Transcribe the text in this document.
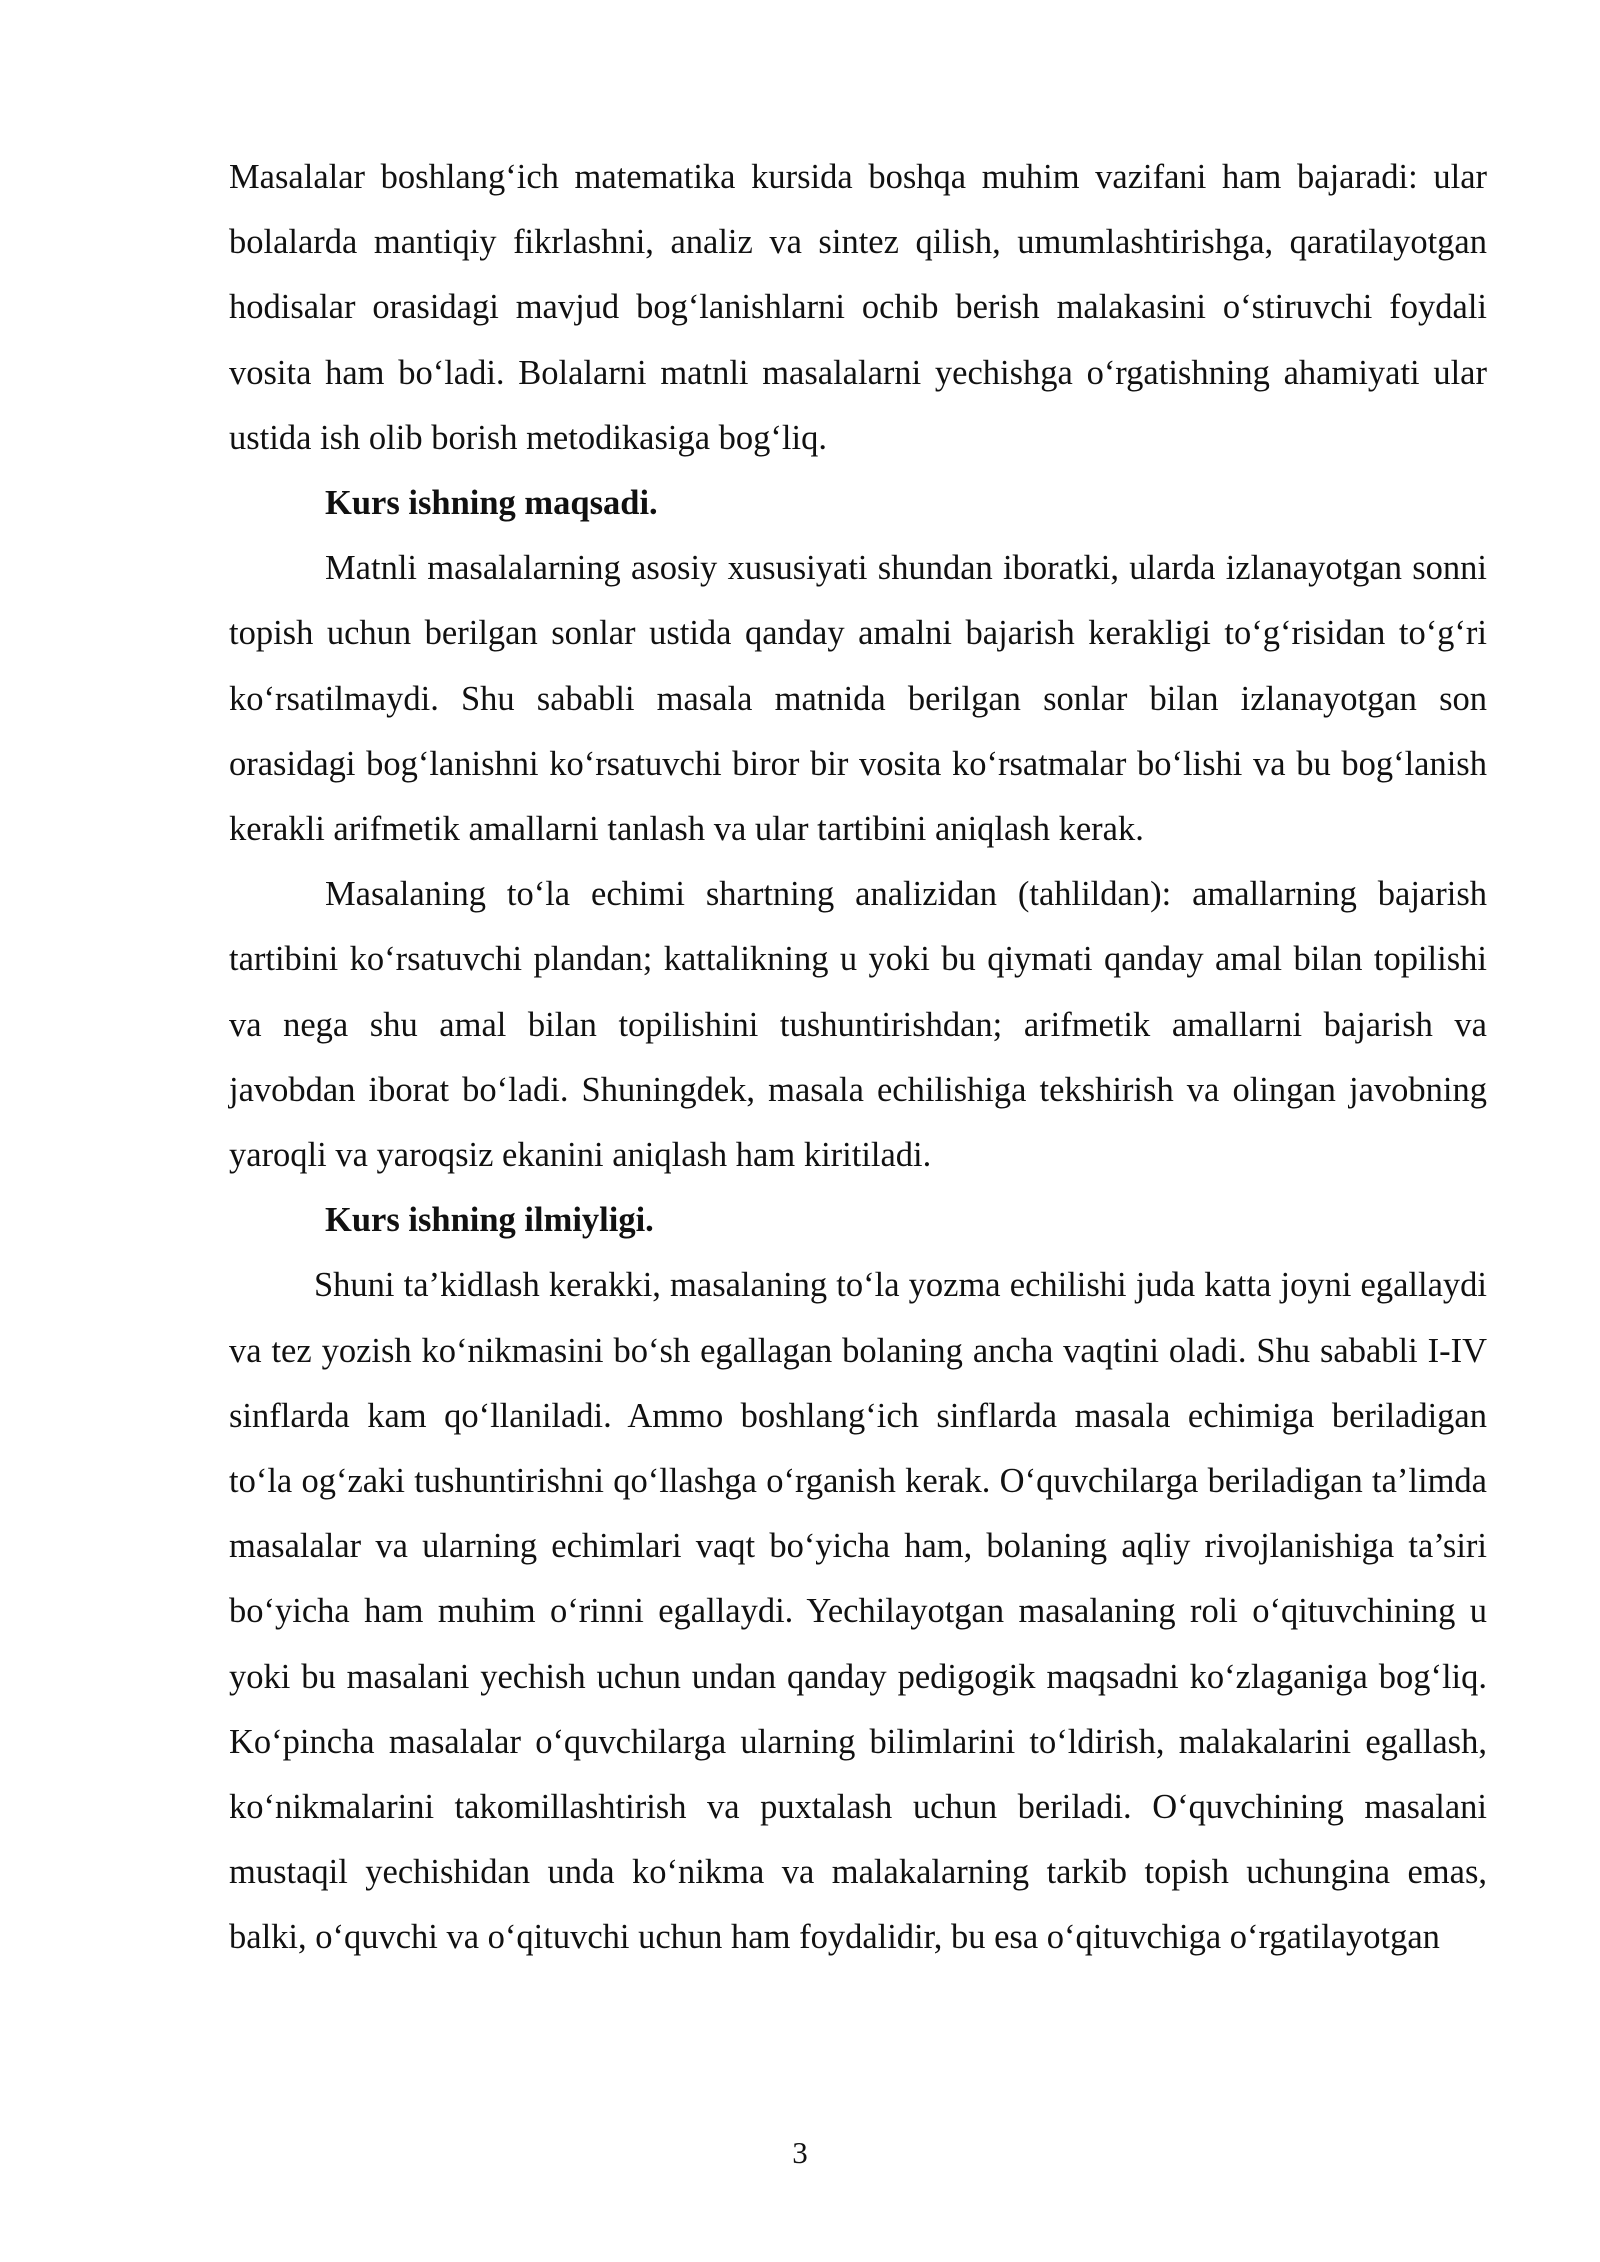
Masalalar boshlang‘ich matematika kursida boshqa muhim vazifani ham bajaradi: ular bolalarda mantiqiy fikrlashni, analiz va sintez qilish, umumlashtirishga, qaratilayotgan hodisalar orasidagi mavjud bog‘lanishlarni ochib berish malakasini o‘stiruvchi foydali vosita ham bo‘ladi. Bolalarni matnli masalalarni yechishga o‘rgatishning ahamiyati ular ustida ish olib borish metodikasiga bog‘liq.

Kurs ishning maqsadi.

Matnli masalalarning asosiy xususiyati shundan iboratki, ularda izlanayotgan sonni topish uchun berilgan sonlar ustida qanday amalni bajarish kerakligi to‘g‘risidan to‘g‘ri ko‘rsatilmaydi. Shu sababli masala matnida berilgan sonlar bilan izlanayotgan son orasidagi bog‘lanishni ko‘rsatuvchi biror bir vosita ko‘rsatmalar bo‘lishi va bu bog‘lanish kerakli arifmetik amallarni tanlash va ular tartibini aniqlash kerak.

Masalaning to‘la echimi shartning analizidan (tahlildan): amallarning bajarish tartibini ko‘rsatuvchi plandan; kattalikning u yoki bu qiymati qanday amal bilan topilishi va nega shu amal bilan topilishini tushuntirishdan; arifmetik amallarni bajarish va javobdan iborat bo‘ladi. Shuningdek, masala echilishiga tekshirish va olingan javobning yaroqli va yaroqsiz ekanini aniqlash ham kiritiladi.

Kurs ishning ilmiyligi.

Shuni ta’kidlash kerakki, masalaning to‘la yozma echilishi juda katta joyni egallaydi va tez yozish ko‘nikmasini bo‘sh egallagan bolaning ancha vaqtini oladi. Shu sababli I-IV sinflarda kam qo‘llaniladi. Ammo boshlang‘ich sinflarda masala echimiga beriladigan to‘la og‘zaki tushuntirishni qo‘llashga o‘rganish kerak. O‘quvchilarga beriladigan ta’limda masalalar va ularning echimlari vaqt bo‘yicha ham, bolaning aqliy rivojlanishiga ta’siri bo‘yicha ham muhim o‘rinni egallaydi. Yechilayotgan masalaning roli o‘qituvchining u yoki bu masalani yechish uchun undan qanday pedigogik maqsadni ko‘zlaganiga bog‘liq. Ko‘pincha masalalar o‘quvchilarga ularning bilimlarini to‘ldirish, malakalarini egallash, ko‘nikmalarini takomillashtirish va puxtalash uchun beriladi. O‘quvchining masalani mustaqil yechishidan unda ko‘nikma va malakalarning tarkib topish uchungina emas, balki, o‘quvchi va o‘qituvchi uchun ham foydalidir, bu esa o‘qituvchiga o‘rgatilayotgan

3
